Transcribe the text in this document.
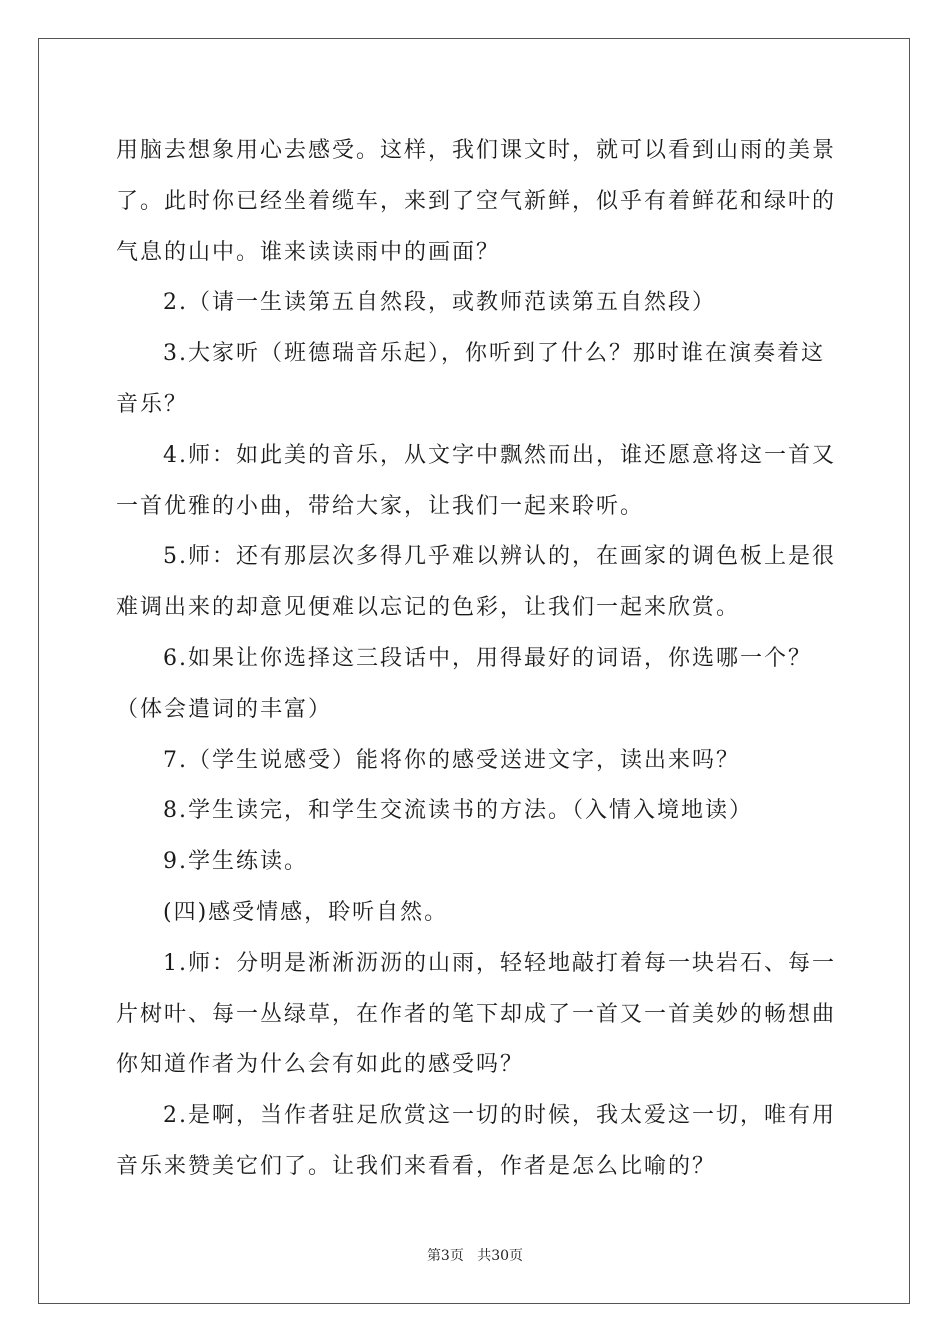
用脑去想象用心去感受。这样，我们课文时，就可以看到山雨的美景
了。此时你已经坐着缆车，来到了空气新鲜，似乎有着鲜花和绿叶的
气息的山中。谁来读读雨中的画面？
2.（请一生读第五自然段，或教师范读第五自然段）
3.大家听（班德瑞音乐起），你听到了什么？那时谁在演奏着这
音乐？
4.师：如此美的音乐，从文字中飘然而出，谁还愿意将这一首又
一首优雅的小曲，带给大家，让我们一起来聆听。
5.师：还有那层次多得几乎难以辨认的，在画家的调色板上是很
难调出来的却意见便难以忘记的色彩，让我们一起来欣赏。
6.如果让你选择这三段话中，用得最好的词语，你选哪一个？
（体会遣词的丰富）
7.（学生说感受）能将你的感受送进文字，读出来吗？
8.学生读完，和学生交流读书的方法。（入情入境地读）
9.学生练读。
(四)感受情感，聆听自然。
1.师：分明是淅淅沥沥的山雨，轻轻地敲打着每一块岩石、每一
片树叶、每一丛绿草，在作者的笔下却成了一首又一首美妙的畅想曲
你知道作者为什么会有如此的感受吗？
2.是啊，当作者驻足欣赏这一切的时候，我太爱这一切，唯有用
音乐来赞美它们了。让我们来看看，作者是怎么比喻的？
第3页 共30页
